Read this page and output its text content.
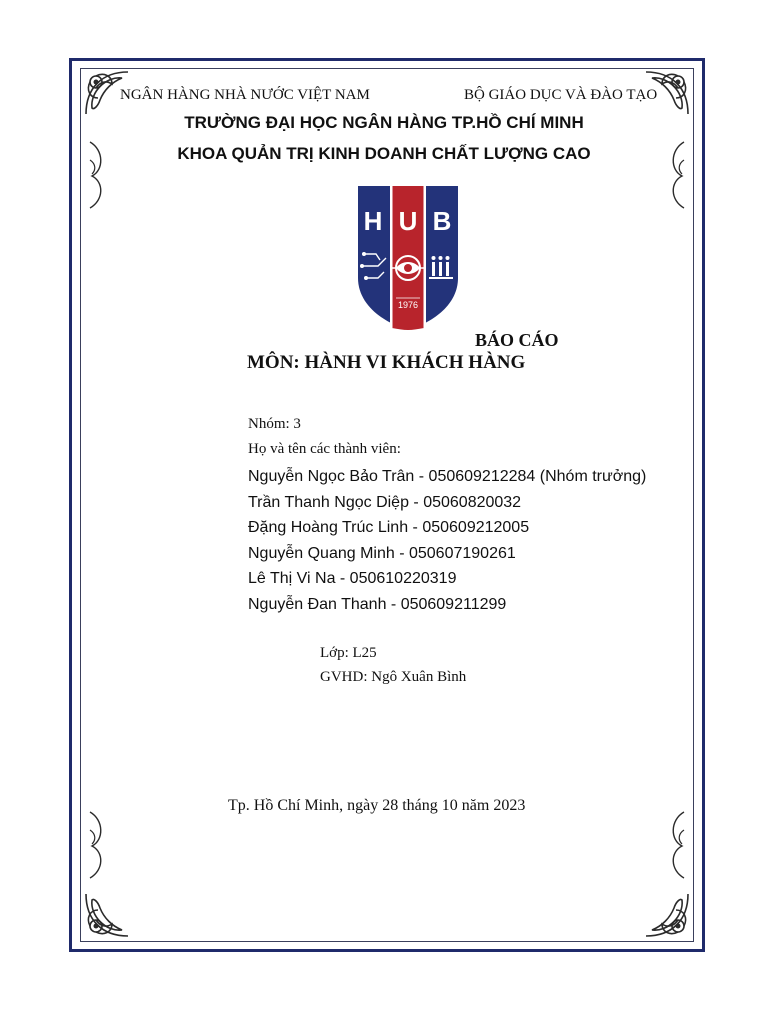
NGÂN HÀNG NHÀ NƯỚC VIỆT NAM	BỘ GIÁO DỤC VÀ ĐÀO TẠO
TRƯỜNG ĐẠI HỌC NGÂN HÀNG TP.HỒ CHÍ MINH
KHOA QUẢN TRỊ KINH DOANH CHẤT LƯỢNG CAO
H U B
1976
BÁO CÁO
MÔN: HÀNH VI KHÁCH HÀNG
Nhóm: 3
Họ và tên các thành viên:
Nguyễn Ngọc Bảo Trân - 050609212284 (Nhóm trưởng)
Trần Thanh Ngọc Diệp - 05060820032
Đặng Hoàng Trúc Linh - 050609212005
Nguyễn Quang Minh - 050607190261
Lê Thị Vi Na - 050610220319
Nguyễn Đan Thanh - 050609211299
Lớp: L25
GVHD: Ngô Xuân Bình
Tp. Hồ Chí Minh, ngày 28 tháng 10 năm 2023
